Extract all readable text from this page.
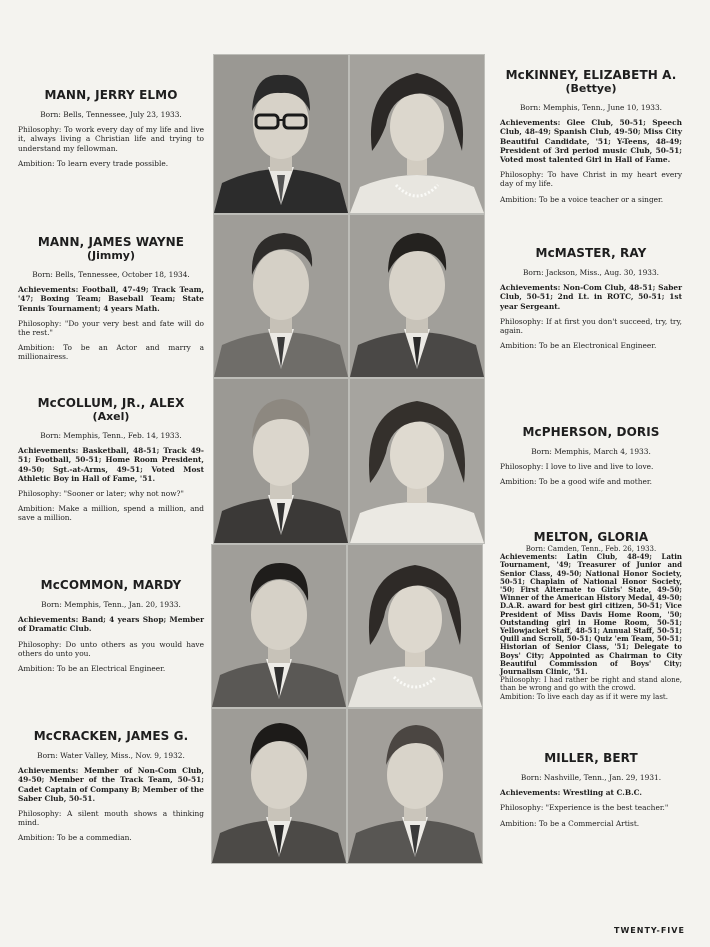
MANN, JERRY ELMO
Born: Bells, Tennessee, July 23, 1933.

Philosophy: To work every day of my life and live it, always living a Christian life and trying to understand my fellowman.

Ambition: To learn every trade possible.

McKINNEY, ELIZABETH A.
(Bettye)
Born: Memphis, Tenn., June 10, 1933.

Achievements: Glee Club, 50-51; Speech Club, 48-49; Spanish Club, 49-50; Miss City Beautiful Candidate, '51; Y-Teens, 48-49; President of 3rd period music Club, 50-51; Voted most talented Girl in Hall of Fame.

Philosophy: To have Christ in my heart every day of my life.

Ambition: To be a voice teacher or a singer.

MANN, JAMES WAYNE
(Jimmy)
Born: Bells, Tennessee, October 18, 1934.

Achievements: Football, 47-49; Track Team, '47; Boxing Team; Baseball Team; State Tennis Tournament; 4 years Math.

Philosophy: "Do your very best and fate will do the rest."

Ambition: To be an Actor and marry a millionairess.

McMASTER, RAY
Born: Jackson, Miss., Aug. 30, 1933.

Achievements: Non-Com Club, 48-51; Saber Club, 50-51; 2nd Lt. in ROTC, 50-51; 1st year Sergeant.

Philosophy: If at first you don't succeed, try, try, again.

Ambition: To be an Electronical Engineer.

McCOLLUM, JR., ALEX
(Axel)
Born: Memphis, Tenn., Feb. 14, 1933.

Achievements: Basketball, 48-51; Track 49-51; Football, 50-51; Home Room President, 49-50; Sgt.-at-Arms, 49-51; Voted Most Athletic Boy in Hall of Fame, '51.

Philosophy: "Sooner or later; why not now?"

Ambition: Make a million, spend a million, and save a million.

McPHERSON, DORIS
Born: Memphis, March 4, 1933.

Philosophy: I love to live and live to love.

Ambition: To be a good wife and mother.

McCOMMON, MARDY
Born: Memphis, Tenn., Jan. 20, 1933.

Achievements: Band; 4 years Shop; Member of Dramatic Club.

Philosophy: Do unto others as you would have others do unto you.

Ambition: To be an Electrical Engineer.

MELTON, GLORIA
Born: Camden, Tenn., Feb. 26, 1933.

Achievements: Latin Club, 48-49; Latin Tournament, '49; Treasurer of Junior and Senior Class, 49-50; National Honor Society, 50-51; Chaplain of National Honor Society, '50; First Alternate to Girls' State, 49-50; Winner of the American History Medal, 49-50; D.A.R. award for best girl citizen, 50-51; Vice President of Miss Davis Home Room, '50; Outstanding girl in Home Room, 50-51; Yellowjacket Staff, 48-51; Annual Staff, 50-51; Quill and Scroll, 50-51; Quiz 'em Team, 50-51; Historian of Senior Class, '51; Delegate to Boys' City; Appointed as Chairman to City Beautiful Commission of Boys' City; Journalism Clinic, '51.

Philosophy: I had rather be right and stand alone, than be wrong and go with the crowd.

Ambition: To live each day as if it were my last.

McCRACKEN, JAMES G.
Born: Water Valley, Miss., Nov. 9, 1932.

Achievements: Member of Non-Com Club, 49-50; Member of the Track Team, 50-51; Cadet Captain of Company B; Member of the Saber Club, 50-51.

Philosophy: A silent mouth shows a thinking mind.

Ambition: To be a commedian.

MILLER, BERT
Born: Nashville, Tenn., Jan. 29, 1931.

Achievements: Wrestling at C.B.C.

Philosophy: "Experience is the best teacher."

Ambition: To be a Commercial Artist.

TWENTY-FIVE
